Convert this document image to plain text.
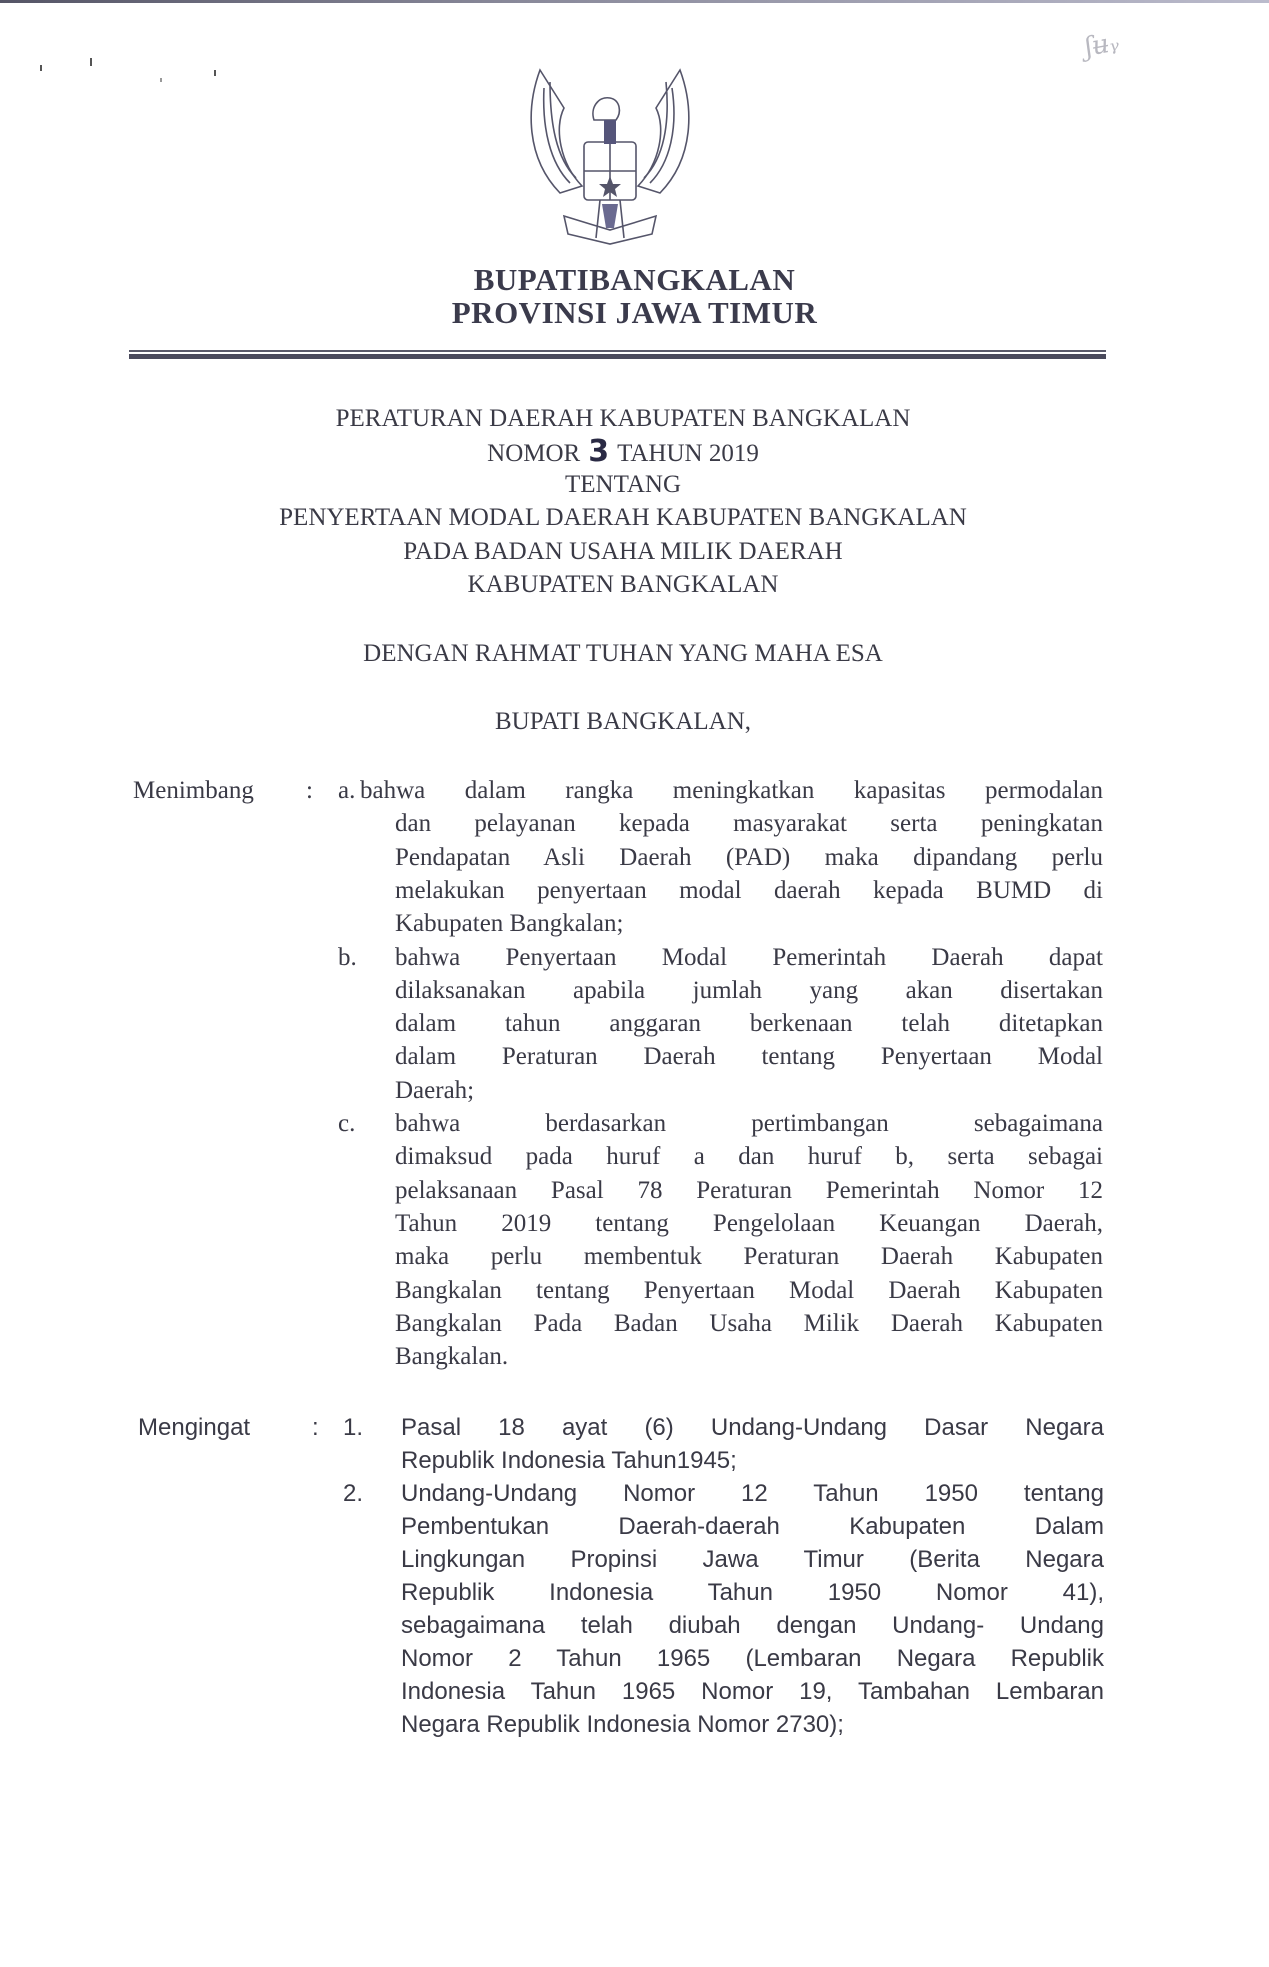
ʃʉᵧ
BUPATIBANGKALAN
PROVINSI JAWA TIMUR
PERATURAN DAERAH KABUPATEN BANGKALAN
NOMOR 3 TAHUN 2019
TENTANG
PENYERTAAN MODAL DAERAH KABUPATEN BANGKALAN
PADA BADAN USAHA MILIK DAERAH
KABUPATEN BANGKALAN
DENGAN RAHMAT TUHAN YANG MAHA ESA
BUPATI BANGKALAN,
Menimbang : a. bahwa dalam rangka meningkatkan kapasitas permodalan
dan pelayanan kepada masyarakat serta peningkatan
Pendapatan Asli Daerah (PAD) maka dipandang perlu
melakukan penyertaan modal daerah kepada BUMD di
Kabupaten Bangkalan;
b. bahwa Penyertaan Modal Pemerintah Daerah dapat
dilaksanakan apabila jumlah yang akan disertakan
dalam tahun anggaran berkenaan telah ditetapkan
dalam Peraturan Daerah tentang Penyertaan Modal
Daerah;
c. bahwa berdasarkan pertimbangan sebagaimana
dimaksud pada huruf a dan huruf b, serta sebagai
pelaksanaan Pasal 78 Peraturan Pemerintah Nomor 12
Tahun 2019 tentang Pengelolaan Keuangan Daerah,
maka perlu membentuk Peraturan Daerah Kabupaten
Bangkalan tentang Penyertaan Modal Daerah Kabupaten
Bangkalan Pada Badan Usaha Milik Daerah Kabupaten
Bangkalan.
Mengingat	: 1. Pasal 18 ayat (6) Undang-Undang Dasar Negara
Republik Indonesia Tahun1945;
2. Undang-Undang Nomor 12 Tahun 1950 tentang
Pembentukan Daerah-daerah Kabupaten Dalam
Lingkungan Propinsi Jawa Timur (Berita Negara
Republik Indonesia Tahun 1950 Nomor 41),
sebagaimana telah diubah dengan Undang- Undang
Nomor 2 Tahun 1965 (Lembaran Negara Republik
Indonesia Tahun 1965 Nomor 19, Tambahan Lembaran
Negara Republik Indonesia Nomor 2730);
